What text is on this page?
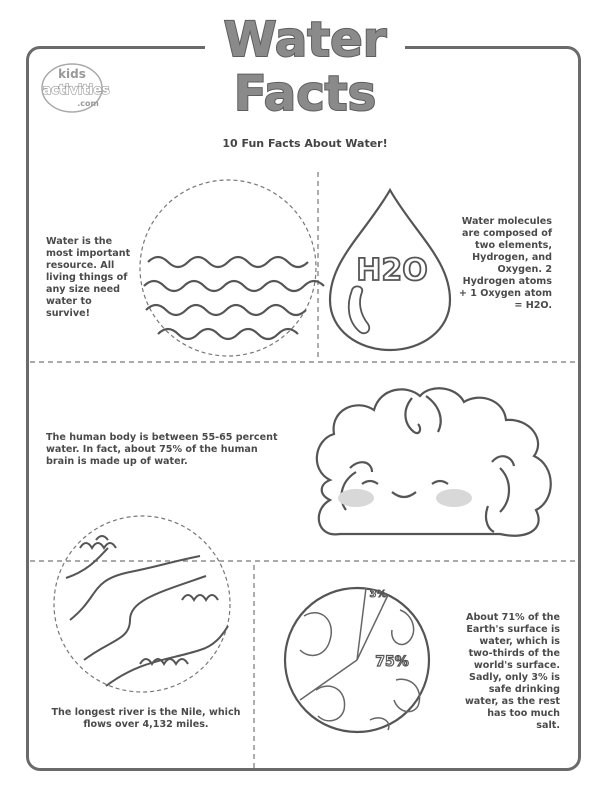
Water
Facts
kids
activities
.com
10 Fun Facts About Water!
H2O
3%
75%
Water is the most important resource. All living things of any size need water to survive!
Water molecules are composed of two elements, Hydrogen, and Oxygen. 2 Hydrogen atoms + 1 Oxygen atom = H2O.
The human body is between 55-65 percent water. In fact, about 75% of the human brain is made up of water.
The longest river is the Nile, which flows over 4,132 miles.
About 71% of the Earth's surface is water, which is two-thirds of the world's surface. Sadly, only 3% is safe drinking water, as the rest has too much salt.
